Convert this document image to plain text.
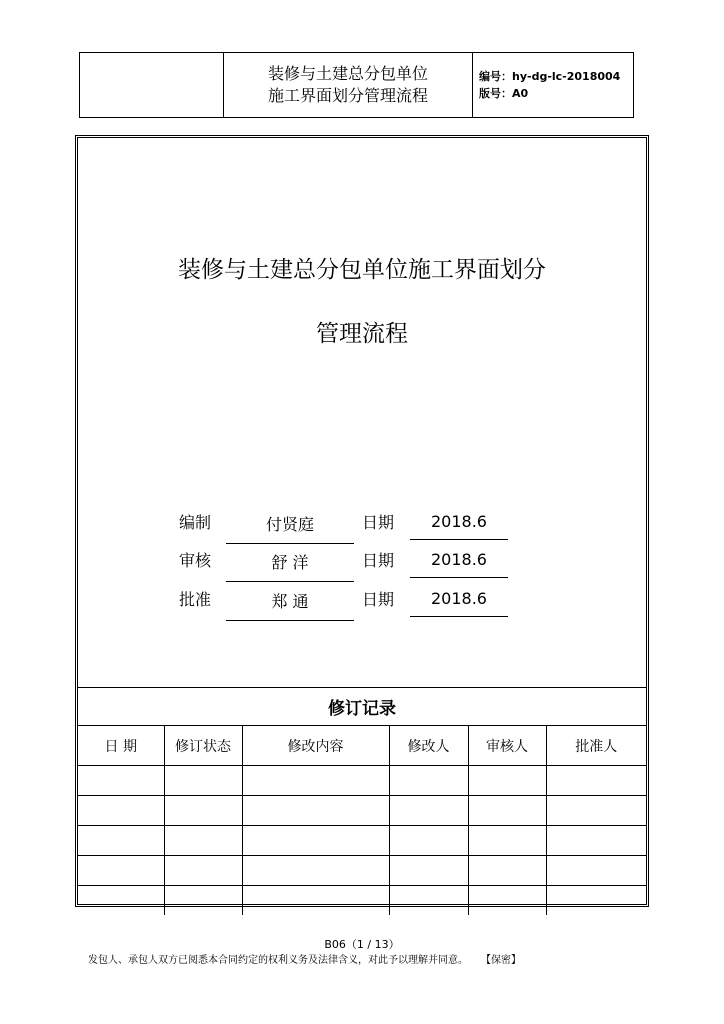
装修与土建总分包单位
施工界面划分管理流程
编号：hy-dg-lc-2018004
版号：A0
装修与土建总分包单位施工界面划分
管理流程
编制	付贤庭	日期	2018.6
审核	舒 洋	日期	2018.6
批准	郑 通	日期	2018.6
修订记录
日 期	修订状态	修改内容	修改人	审核人	批准人

B06（1 / 13）
发包人、承包人双方已阅悉本合同约定的权利义务及法律含义，对此予以理解并同意。 【保密】
